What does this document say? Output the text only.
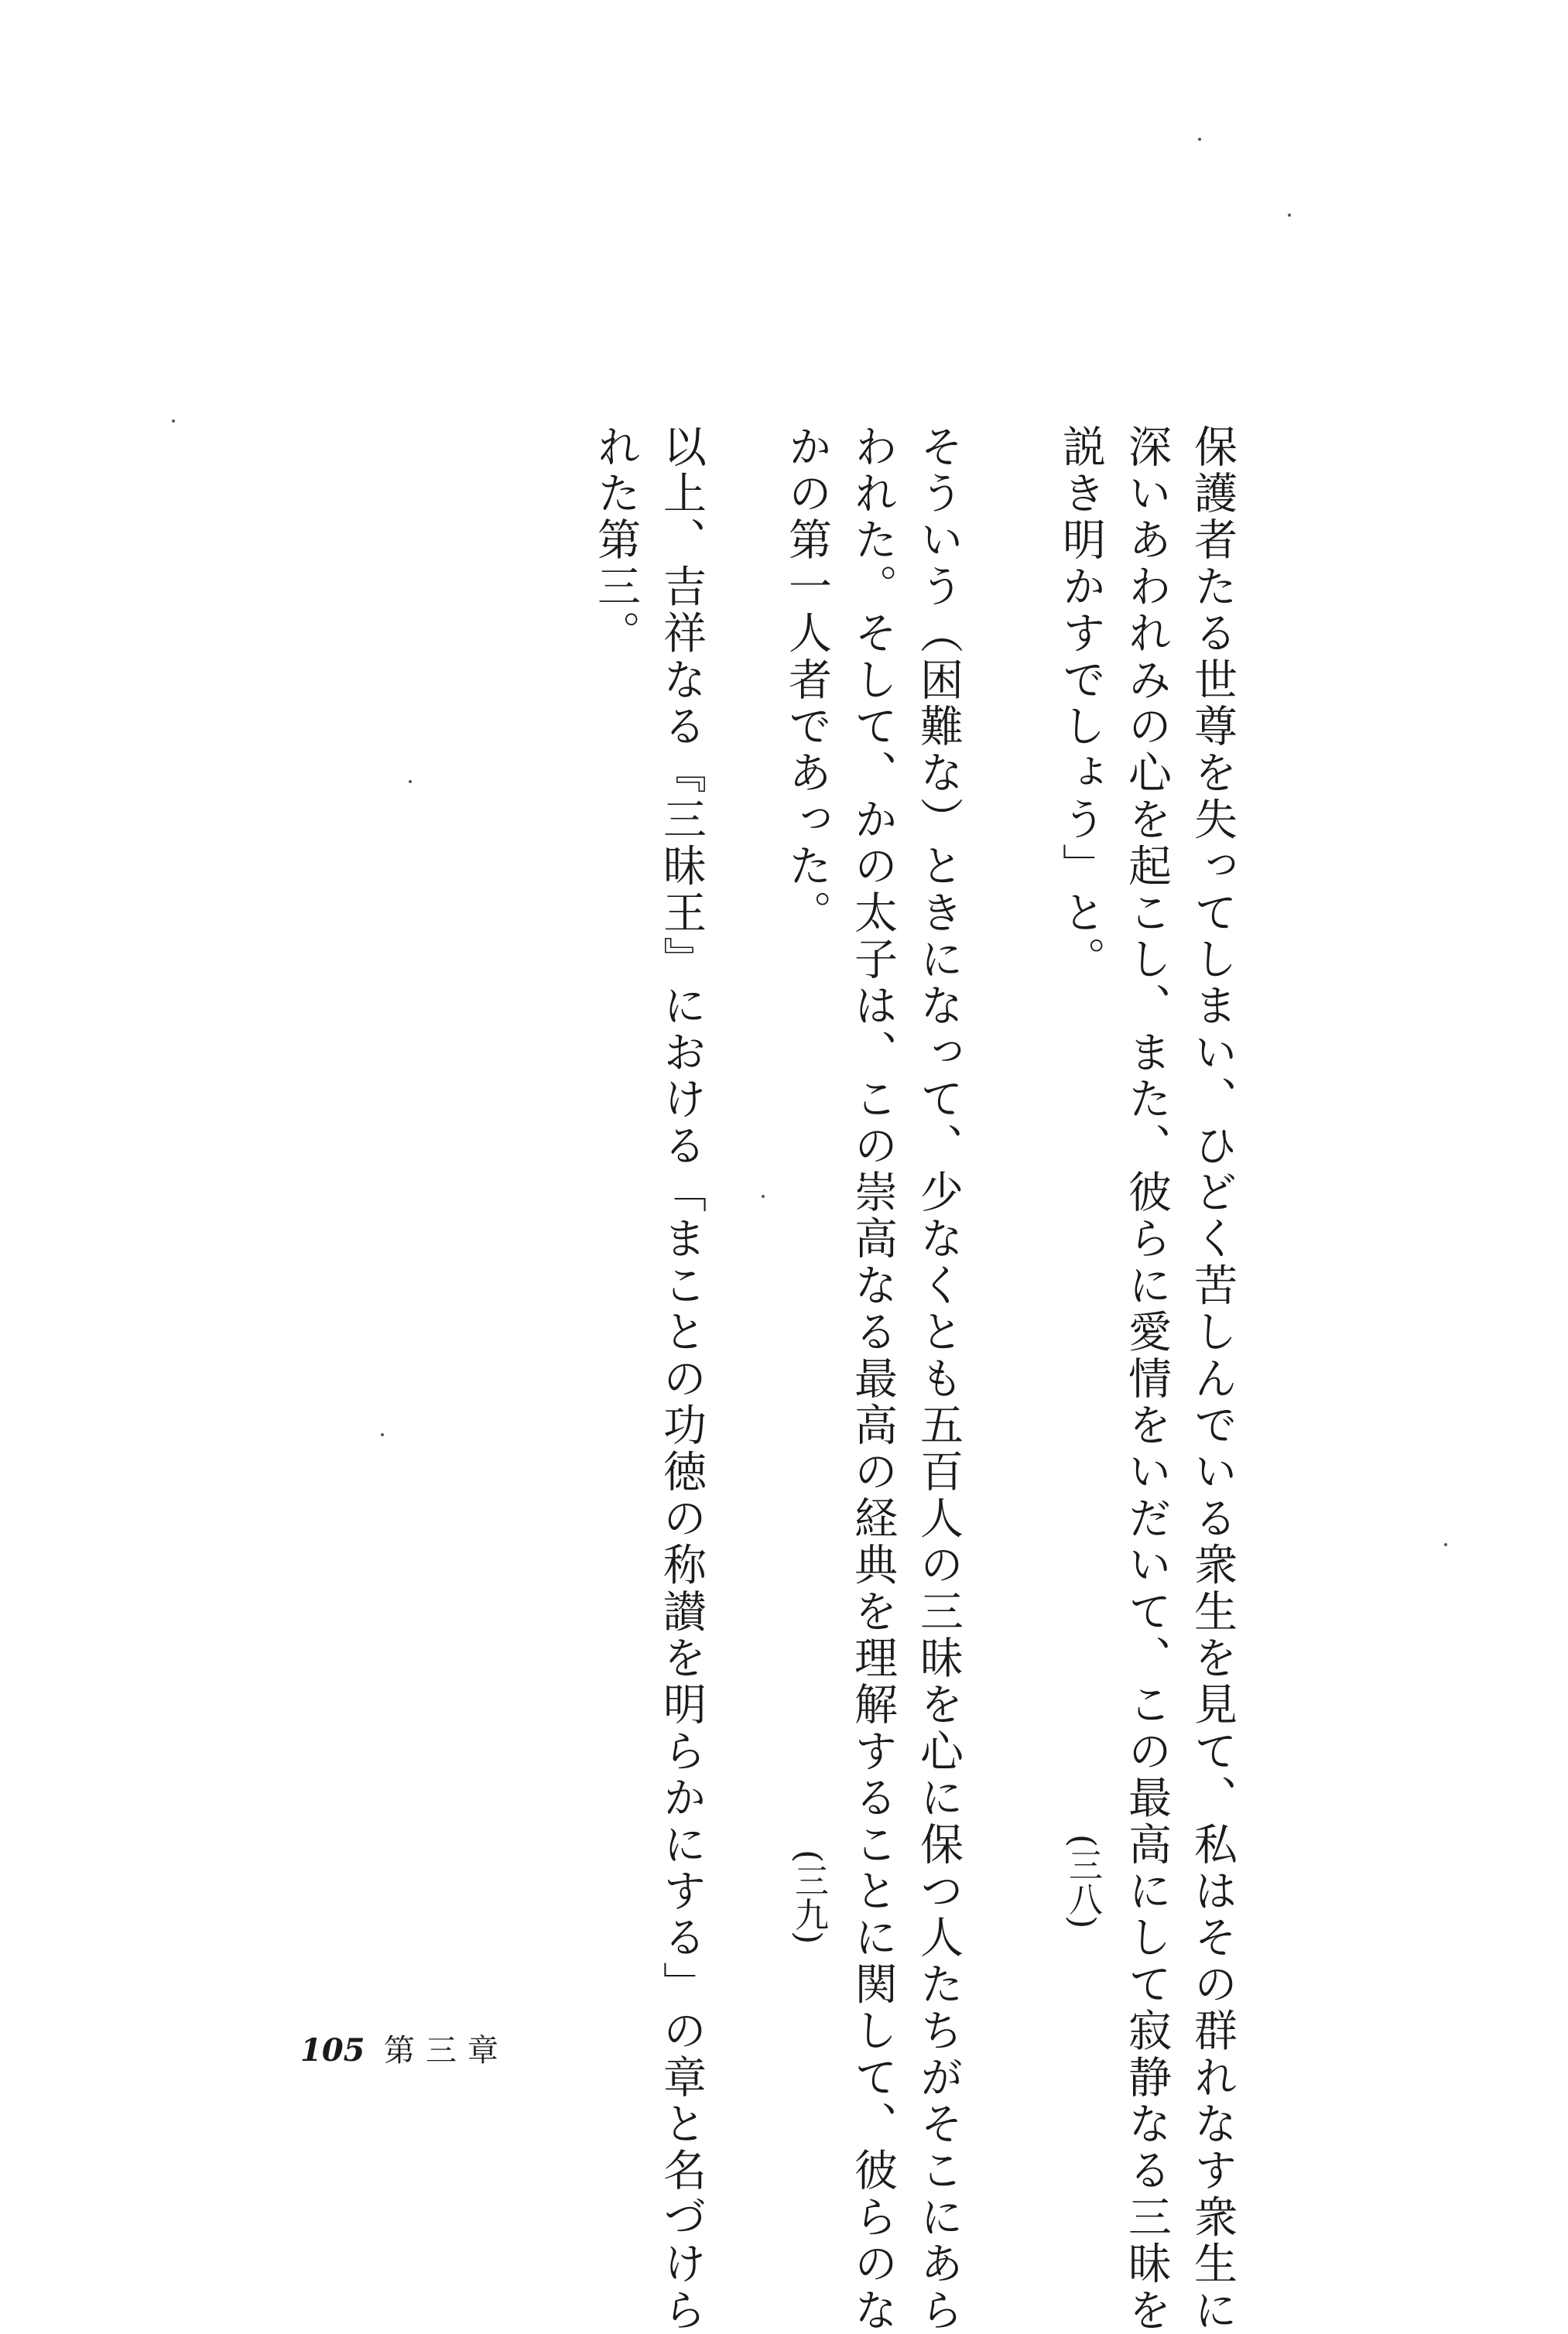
保護者たる世尊を失ってしまい、ひどく苦しんでいる衆生を見て、私はその群れなす衆生に
深いあわれみの心を起こし、また、彼らに愛情をいだいて、この最高にして寂静なる三昧を
説き明かすでしょう」と。
(三八)
そういう（困難な）ときになって、少なくとも五百人の三昧を心に保つ人たちがそこにあら
われた。そして、かの太子は、この崇高なる最高の経典を理解することに関して、彼らのな
かの第一人者であった。
(三九)
以上、吉祥なる『三昧王』における「まことの功徳の称讃を明らかにする」の章と名づけら
れた第三。
105 第三章
